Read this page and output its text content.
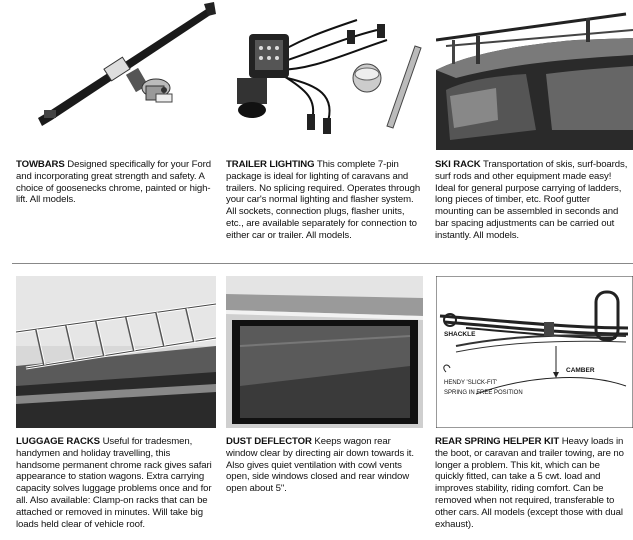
TOWBARS Designed specifically for your Ford and incorporating great strength and safety. A choice of goosenecks chrome, painted or high-lift. All models.
TRAILER LIGHTING This complete 7-pin package is ideal for lighting of caravans and trailers. No splicing required. Operates through your car's normal lighting and flasher system. All sockets, connection plugs, flasher units, etc., are available separately for connection to either car or trailer. All models.
SKI RACK Transportation of skis, surf-boards, surf rods and other equipment made easy! Ideal for general purpose carrying of ladders, long pieces of timber, etc. Roof gutter mounting can be assembled in seconds and bar spacing adjustments can be carried out instantly. All models.
SHACKLE
CAMBER
HENDY 'SLICK-FIT'
SPRING IN FREE POSITION
LUGGAGE RACKS Useful for tradesmen, handymen and holiday travelling, this handsome permanent chrome rack gives safari appearance to station wagons. Extra carrying capacity solves luggage problems once and for all. Also available: Clamp-on racks that can be attached or removed in minutes. Will take big loads held clear of vehicle roof.
DUST DEFLECTOR Keeps wagon rear window clear by directing air down towards it. Also gives quiet ventilation with cowl vents open, side windows closed and rear window open about 5".
REAR SPRING HELPER KIT Heavy loads in the boot, or caravan and trailer towing, are no longer a problem. This kit, which can be quickly fitted, can take a 5 cwt. load and improves stability, riding comfort. Can be removed when not required, transferable to other cars. All models (except those with dual exhaust).
